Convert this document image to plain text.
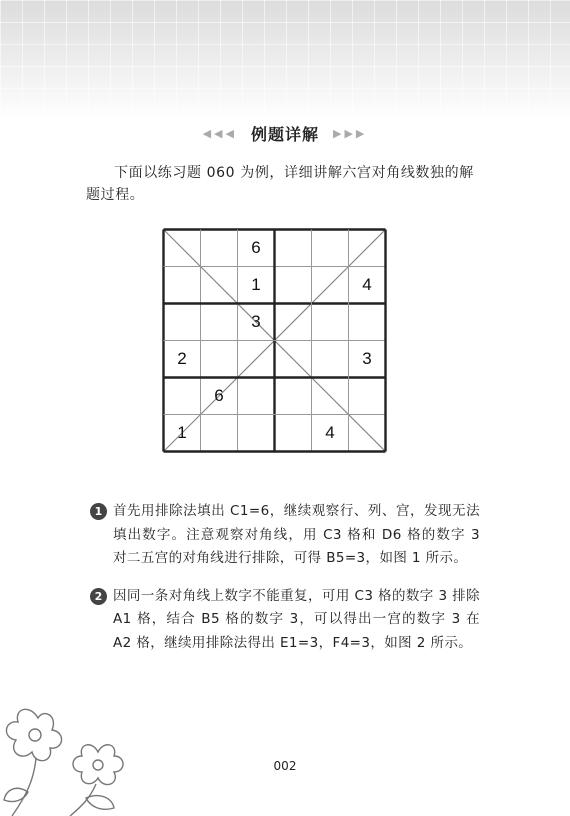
◀◀◀ 例题详解 ▶▶▶

下面以练习题 060 为例，详细讲解六宫对角线数独的解题过程。

6
1	4
3
2	3
6
1	4
1 首先用排除法填出 C1=6，继续观察行、列、宫，发现无法填出数字。注意观察对角线，用 C3 格和 D6 格的数字 3 对二五宫的对角线进行排除，可得 B5=3，如图 1 所示。
2 因同一条对角线上数字不能重复，可用 C3 格的数字 3 排除 A1 格，结合 B5 格的数字 3，可以得出一宫的数字 3 在 A2 格，继续用排除法得出 E1=3，F4=3，如图 2 所示。
002
